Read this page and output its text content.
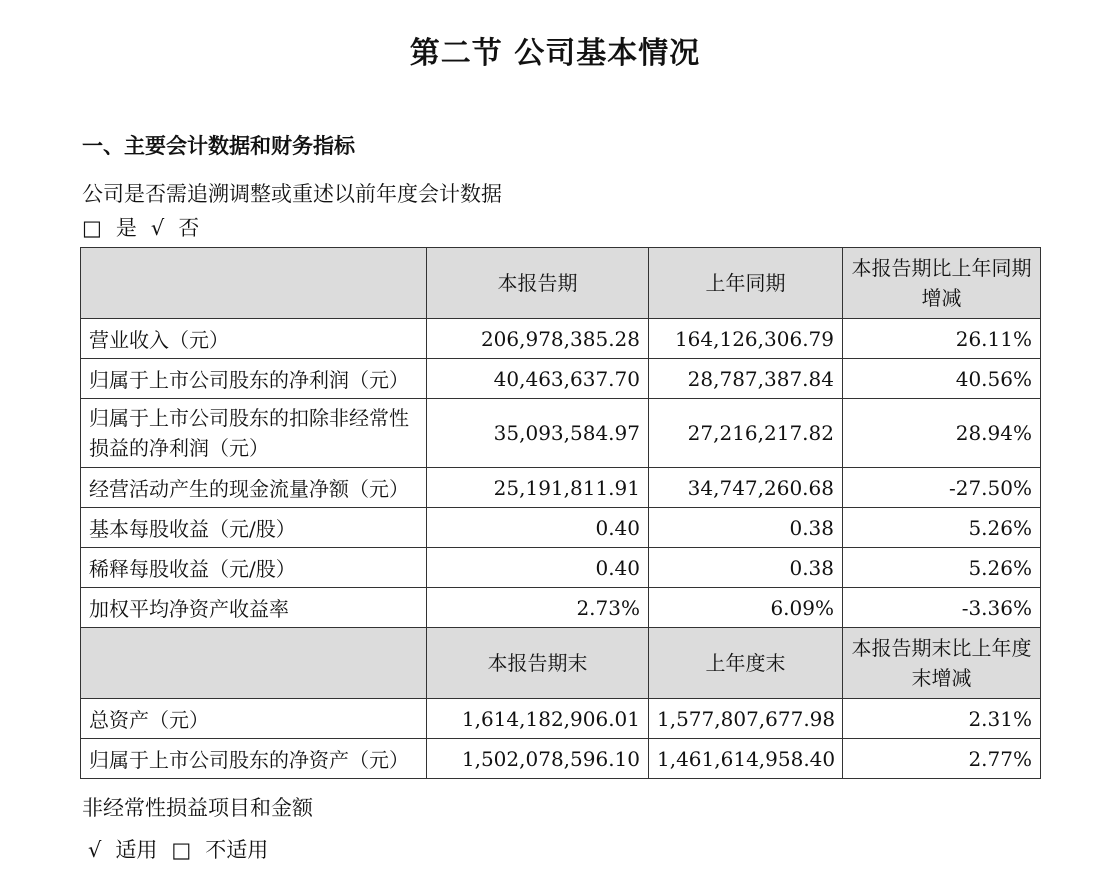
第二节 公司基本情况
一、主要会计数据和财务指标
公司是否需追溯调整或重述以前年度会计数据
□ 是 √ 否
	本报告期	上年同期	本报告期比上年同期增减
营业收入（元）	206,978,385.28	164,126,306.79	26.11%
归属于上市公司股东的净利润（元）	40,463,637.70	28,787,387.84	40.56%
归属于上市公司股东的扣除非经常性损益的净利润（元）	35,093,584.97	27,216,217.82	28.94%
经营活动产生的现金流量净额（元）	25,191,811.91	34,747,260.68	-27.50%
基本每股收益（元/股）	0.40	0.38	5.26%
稀释每股收益（元/股）	0.40	0.38	5.26%
加权平均净资产收益率	2.73%	6.09%	-3.36%
	本报告期末	上年度末	本报告期末比上年度末增减
总资产（元）	1,614,182,906.01	1,577,807,677.98	2.31%
归属于上市公司股东的净资产（元）	1,502,078,596.10	1,461,614,958.40	2.77%
非经常性损益项目和金额
√ 适用 □ 不适用
